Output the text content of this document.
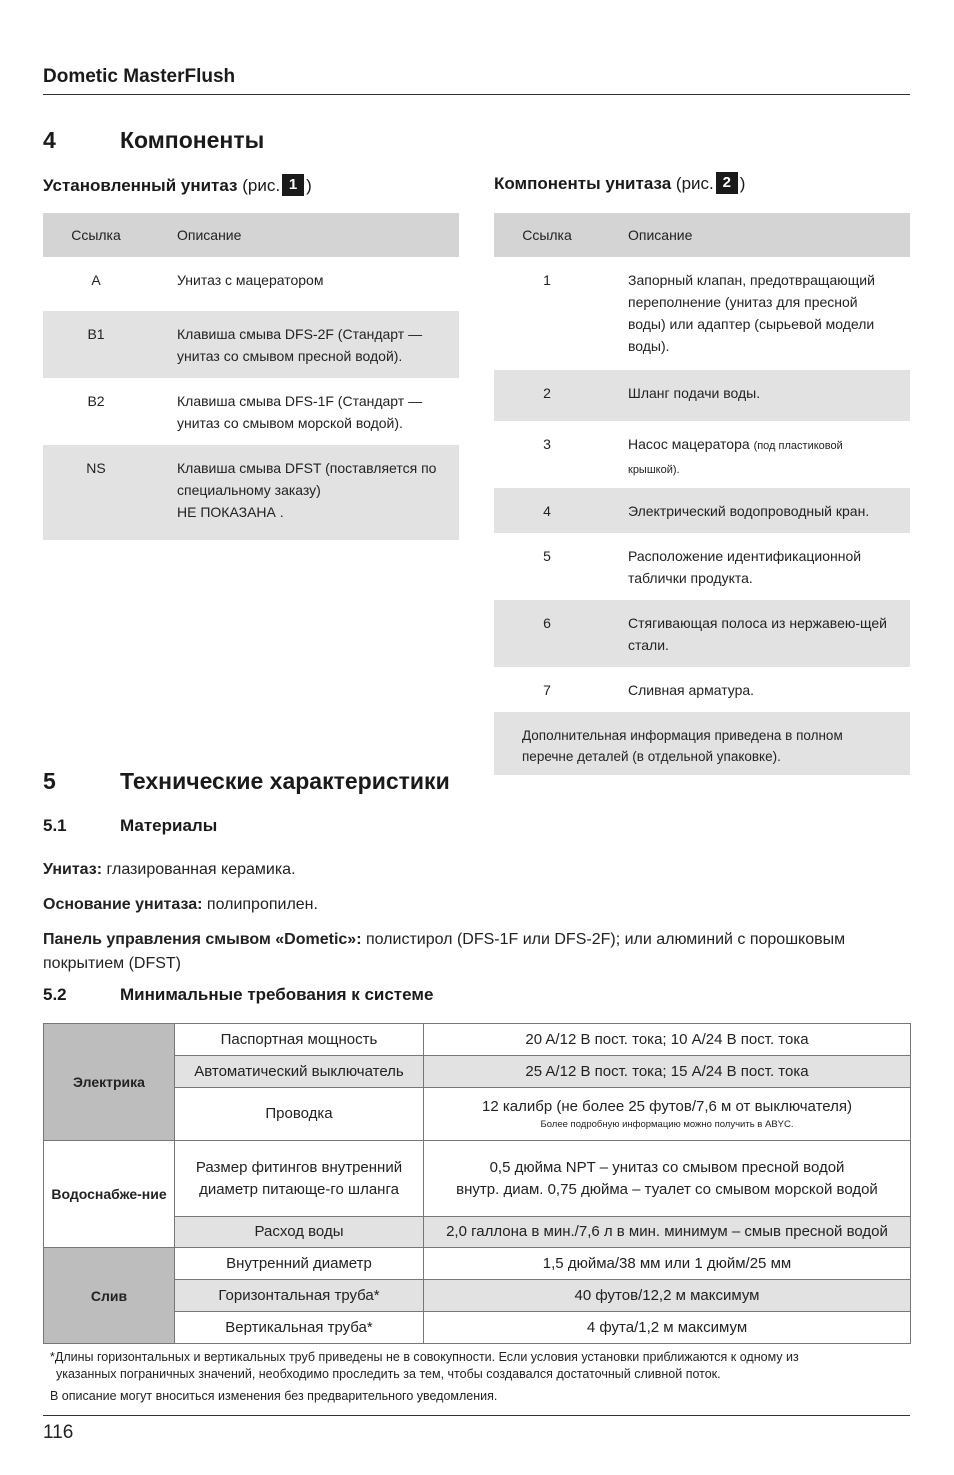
Dometic MasterFlush
4	Компоненты
Установленный унитаз (рис. 1 )
Ссылка	Описание
A	Унитаз с мацератором
B1	Клавиша смыва DFS-2F (Стандарт — унитаз со смывом пресной водой).
B2	Клавиша смыва DFS-1F (Стандарт — унитаз со смывом морской водой).
NS	Клавиша смыва DFST (поставляется по специальному заказу)
НЕ ПОКАЗАНА .
Компоненты унитаза (рис. 2 )
Ссылка	Описание
1	Запорный клапан, предотвращающий переполнение (унитаз для пресной воды) или адаптер (сырьевой модели воды).
2	Шланг подачи воды.
3	Насос мацератора (под пластиковой крышкой).
4	Электрический водопроводный кран.
5	Расположение идентификационной таблички продукта.
6	Стягивающая полоса из нержавею-щей стали.
7	Сливная арматура.
Дополнительная информация приведена в полном перечне деталей (в отдельной упаковке).
5	Технические характеристики
5.1	Материалы
Унитаз: глазированная керамика.
Основание унитаза: полипропилен.
Панель управления смывом «Dometic»: полистирол (DFS-1F или DFS-2F); или алюминий с порошковым покрытием (DFST)
5.2	Минимальные требования к системе
Электрика	Паспортная мощность	20 A/12 В пост. тока; 10 A/24 В пост. тока
	Автоматический выключатель	25 A/12 В пост. тока; 15 A/24 В пост. тока
	Проводка	12 калибр (не более 25 футов/7,6 м от выключателя)
Более подробную информацию можно получить в ABYC.

Водоснабже-ние	Размер фитингов внутренний диаметр питающе-го шланга	0,5 дюйма NPT – унитаз со смывом пресной водой
внутр. диам. 0,75 дюйма – туалет со смывом морской водой

	Расход воды	2,0 галлона в мин./7,6 л в мин. минимум – смыв пресной водой
Слив	Внутренний диаметр	1,5 дюйма/38 мм или 1 дюйм/25 мм
	Горизонтальная труба*	40 футов/12,2 м максимум
	Вертикальная труба*	4 фута/1,2 м максимум
*Длины горизонтальных и вертикальных труб приведены не в совокупности. Если условия установки приближаются к одному из
указанных пограничных значений, необходимо проследить за тем, чтобы создавался достаточный сливной поток.
В описание могут вноситься изменения без предварительного уведомления.
116
